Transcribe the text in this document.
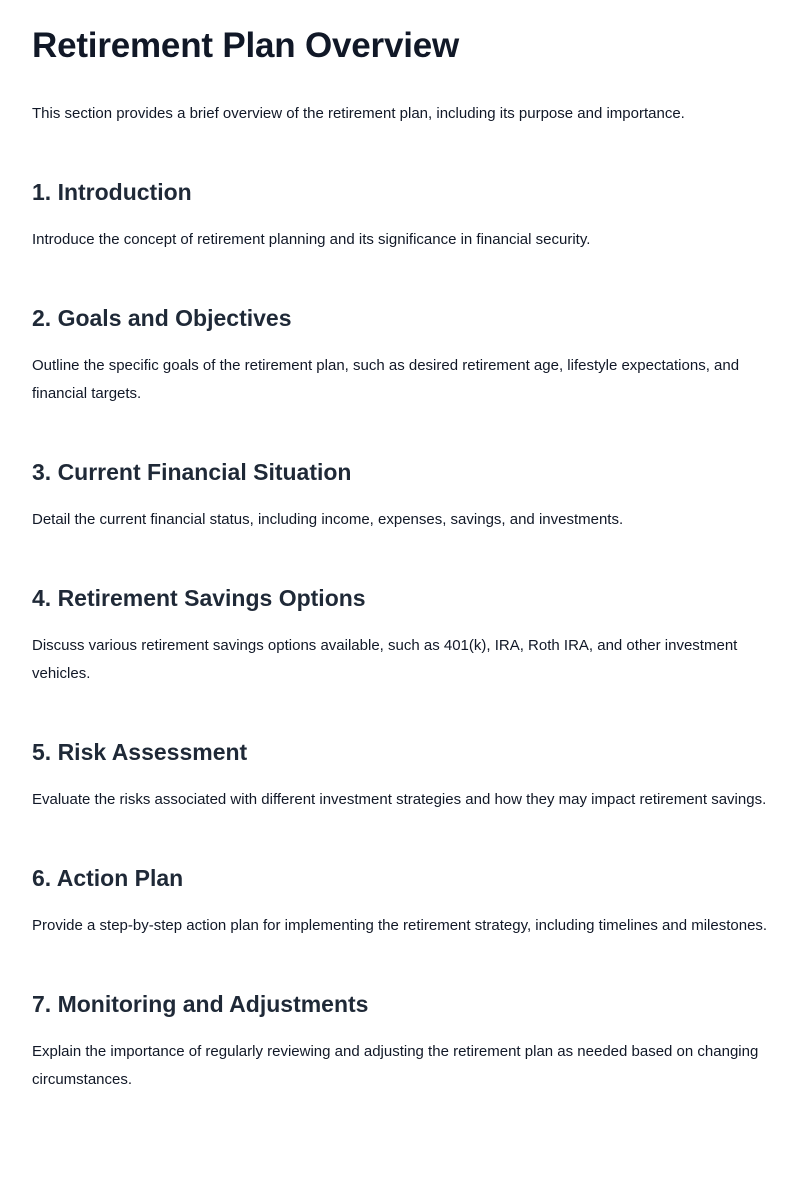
Retirement Plan Overview

This section provides a brief overview of the retirement plan, including its purpose and importance.

1. Introduction

Introduce the concept of retirement planning and its significance in financial security.

2. Goals and Objectives

Outline the specific goals of the retirement plan, such as desired retirement age, lifestyle expectations, and financial targets.

3. Current Financial Situation

Detail the current financial status, including income, expenses, savings, and investments.

4. Retirement Savings Options

Discuss various retirement savings options available, such as 401(k), IRA, Roth IRA, and other investment vehicles.

5. Risk Assessment

Evaluate the risks associated with different investment strategies and how they may impact retirement savings.

6. Action Plan

Provide a step-by-step action plan for implementing the retirement strategy, including timelines and milestones.

7. Monitoring and Adjustments

Explain the importance of regularly reviewing and adjusting the retirement plan as needed based on changing circumstances.
